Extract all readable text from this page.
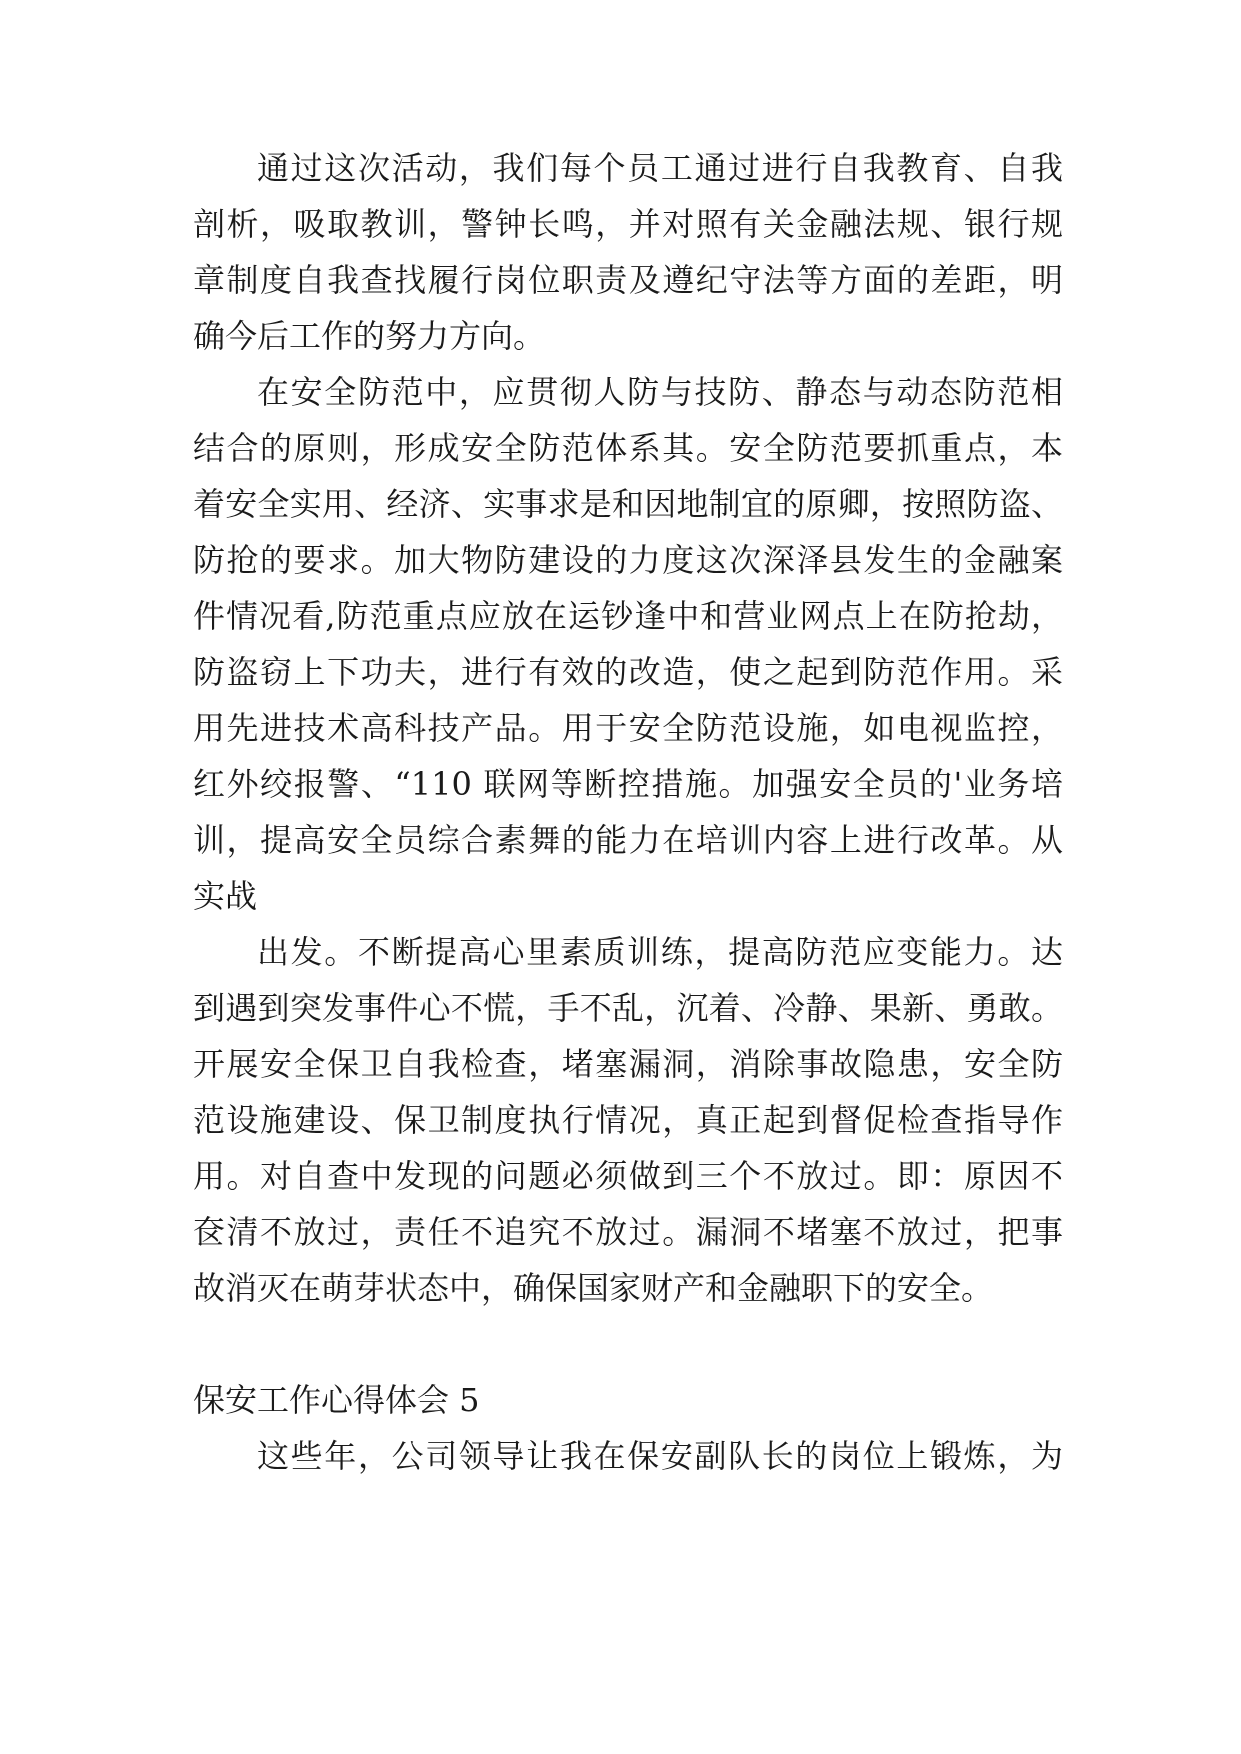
通过这次活动，我们每个员工通过进行自我教育、自我

剖析，吸取教训，警钟长鸣，并对照有关金融法规、银行规

章制度自我查找履行岗位职责及遵纪守法等方面的差距，明

确今后工作的努力方向。

在安全防范中，应贯彻人防与技防、静态与动态防范相

结合的原则，形成安全防范体系其。安全防范要抓重点，本

着安全实用、经济、实事求是和因地制宜的原卿，按照防盗、

防抢的要求。加大物防建设的力度这次深泽县发生的金融案

件情况看,防范重点应放在运钞逢中和营业网点上在防抢劫，

防盗窃上下功夫，进行有效的改造，使之起到防范作用。采

用先进技术高科技产品。用于安全防范设施，如电视监控，

红外绞报警、“110 联网等断控措施。加强安全员的'业务培

训，提高安全员综合素舞的能力在培训内容上进行改革。从

实战

出发。不断提高心里素质训练，提高防范应变能力。达

到遇到突发事件心不慌，手不乱，沉着、冷静、果新、勇敢。

开展安全保卫自我检查，堵塞漏洞，消除事故隐患，安全防

范设施建设、保卫制度执行情况，真正起到督促检查指导作

用。对自查中发现的问题必须做到三个不放过。即：原因不

奁清不放过，责任不追究不放过。漏洞不堵塞不放过，把事

故消灭在萌芽状态中，确保国家财产和金融职下的安全。

保安工作心得体会 5

这些年，公司领导让我在保安副队长的岗位上锻炼，为
